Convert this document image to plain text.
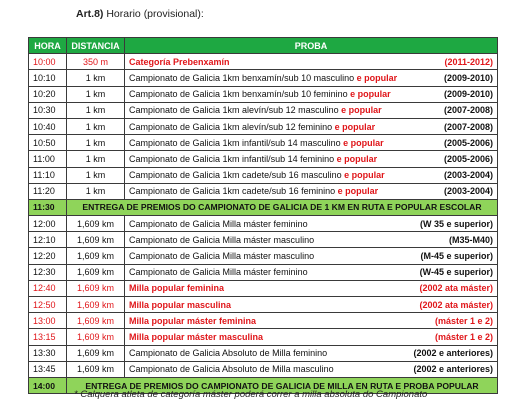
Art.8) Horario (provisional):
HORA	DISTANCIA	PROBA
10:00	350 m	Categoría Prebenxamín (2011-2012)

10:10	1 km	Campionato de Galicia 1km benxamín/sub 10 masculino e popular (2009-2010)

10:20	1 km	Campionato de Galicia 1km benxamín/sub 10 feminino e popular (2009-2010)

10:30	1 km	Campionato de Galicia 1km alevín/sub 12 masculino e popular (2007-2008)

10:40	1 km	Campionato de Galicia 1km alevín/sub 12 feminino e popular (2007-2008)

10:50	1 km	Campionato de Galicia 1km infantil/sub 14 masculino e popular (2005-2006)

11:00	1 km	Campionato de Galicia 1km infantil/sub 14 feminino e popular (2005-2006)

11:10	1 km	Campionato de Galicia 1km cadete/sub 16 masculino e popular (2003-2004)

11:20	1 km	Campionato de Galicia 1km cadete/sub 16 feminino e popular (2003-2004)

11:30	ENTREGA DE PREMIOS DO CAMPIONATO DE GALICIA DE 1 KM EN RUTA E POPULAR ESCOLAR	
12:00	1,609 km	Campionato de Galicia Milla máster feminino (W 35 e superior)

12:10	1,609 km	Campionato de Galicia Milla máster masculino (M35-M40)

12:20	1,609 km	Campionato de Galicia Milla máster masculino (M-45 e superior)

12:30	1,609 km	Campionato de Galicia Milla máster feminino (W-45 e superior)

12:40	1,609 km	Milla popular feminina (2002 ata máster)

12:50	1,609 km	Milla popular masculina (2002 ata máster)

13:00	1,609 km	Milla popular máster feminina (máster 1 e 2)

13:15	1,609 km	Milla popular máster masculina (máster 1 e 2)

13:30	1,609 km	Campionato de Galicia Absoluto de Milla feminino (2002 e anteriores)

13:45	1,609 km	Campionato de Galicia Absoluto de Milla masculino (2002 e anteriores)

14:00	ENTREGA DE PREMIOS DO CAMPIONATO DE GALICIA DE MILLA EN RUTA E PROBA POPULAR	
* Calquera atleta de categoría máster poderá correr a milla absoluta do Campionato
